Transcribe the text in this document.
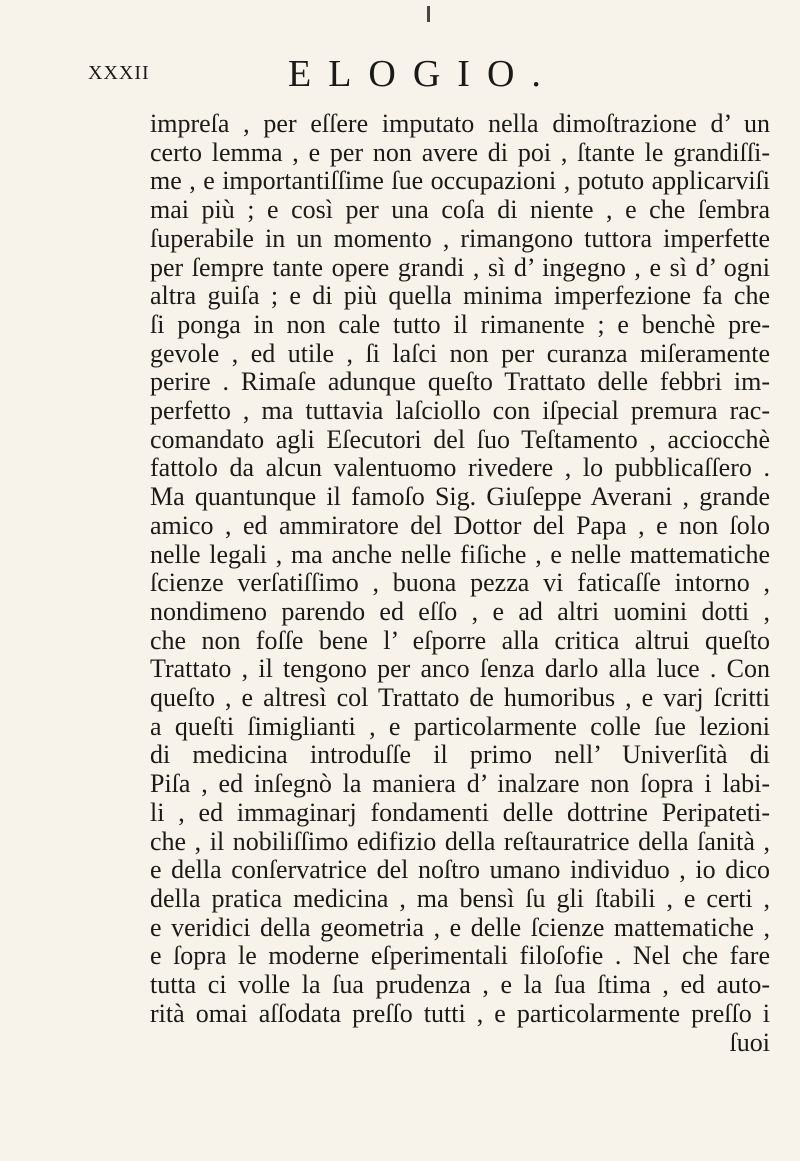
XXXII	ELOGIO.
impreſa , per eſſere imputato nella dimoſtrazione d’ un
certo lemma , e per non avere di poi , ſtante le grandiſſi-
me , e importantiſſime ſue occupazioni , potuto applicarviſi
mai più ; e così per una coſa di niente , e che ſembra
ſuperabile in un momento , rimangono tuttora imperfette
per ſempre tante opere grandi , sì d’ ingegno , e sì d’ ogni
altra guiſa ; e di più quella minima imperfezione fa che
ſi ponga in non cale tutto il rimanente ; e benchè pre-
gevole , ed utile , ſi laſci non per curanza miſeramente
perire . Rimaſe adunque queſto Trattato delle febbri im-
perfetto , ma tuttavia laſciollo con iſpecial premura rac-
comandato agli Eſecutori del ſuo Teſtamento , acciocchè
fattolo da alcun valentuomo rivedere , lo pubblicaſſero .
Ma quantunque il famoſo Sig. Giuſeppe Averani , grande
amico , ed ammiratore del Dottor del Papa , e non ſolo
nelle legali , ma anche nelle fiſiche , e nelle mattematiche
ſcienze verſatiſſimo , buona pezza vi faticaſſe intorno ,
nondimeno parendo ed eſſo , e ad altri uomini dotti ,
che non foſſe bene l’ eſporre alla critica altrui queſto
Trattato , il tengono per anco ſenza darlo alla luce . Con
queſto , e altresì col Trattato de humoribus , e varj ſcritti
a queſti ſimiglianti , e particolarmente colle ſue lezioni
di medicina introduſſe il primo nell’ Univerſità di
Piſa , ed inſegnò la maniera d’ inalzare non ſopra i labi-
li , ed immaginarj fondamenti delle dottrine Peripateti-
che , il nobiliſſimo edifizio della reſtauratrice della ſanità ,
e della conſervatrice del noſtro umano individuo , io dico
della pratica medicina , ma bensì ſu gli ſtabili , e certi ,
e veridici della geometria , e delle ſcienze mattematiche ,
e ſopra le moderne eſperimentali filoſofie . Nel che fare
tutta ci volle la ſua prudenza , e la ſua ſtima , ed auto-
rità omai aſſodata preſſo tutti , e particolarmente preſſo i
ſuoi
